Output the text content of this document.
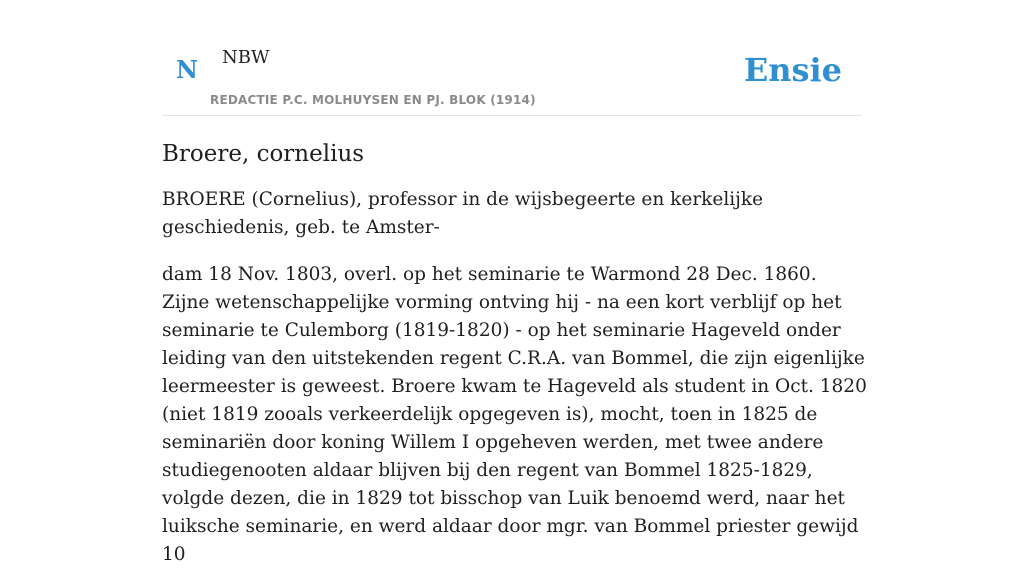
N NBW
REDACTIE P.C. MOLHUYSEN EN PJ. BLOK (1914)
Ensie
Broere, cornelius

BROERE (Cornelius), professor in de wijsbegeerte en kerkelijke geschiedenis, geb. te Amster-

dam 18 Nov. 1803, overl. op het seminarie te Warmond 28 Dec. 1860. Zijne wetenschappelijke vorming ontving hij - na een kort verblijf op het seminarie te Culemborg (1819-1820) - op het seminarie Hageveld onder leiding van den uitstekenden regent C.R.A. van Bommel, die zijn eigenlijke leermeester is geweest. Broere kwam te Hageveld als student in Oct. 1820 (niet 1819 zooals verkeerdelijk opgegeven is), mocht, toen in 1825 de seminariën door koning Willem I opgeheven werden, met twee andere studiegenooten aldaar blijven bij den regent van Bommel 1825-1829, volgde dezen, die in 1829 tot bisschop van Luik benoemd werd, naar het luiksche seminarie, en werd aldaar door mgr. van Bommel priester gewijd 10
